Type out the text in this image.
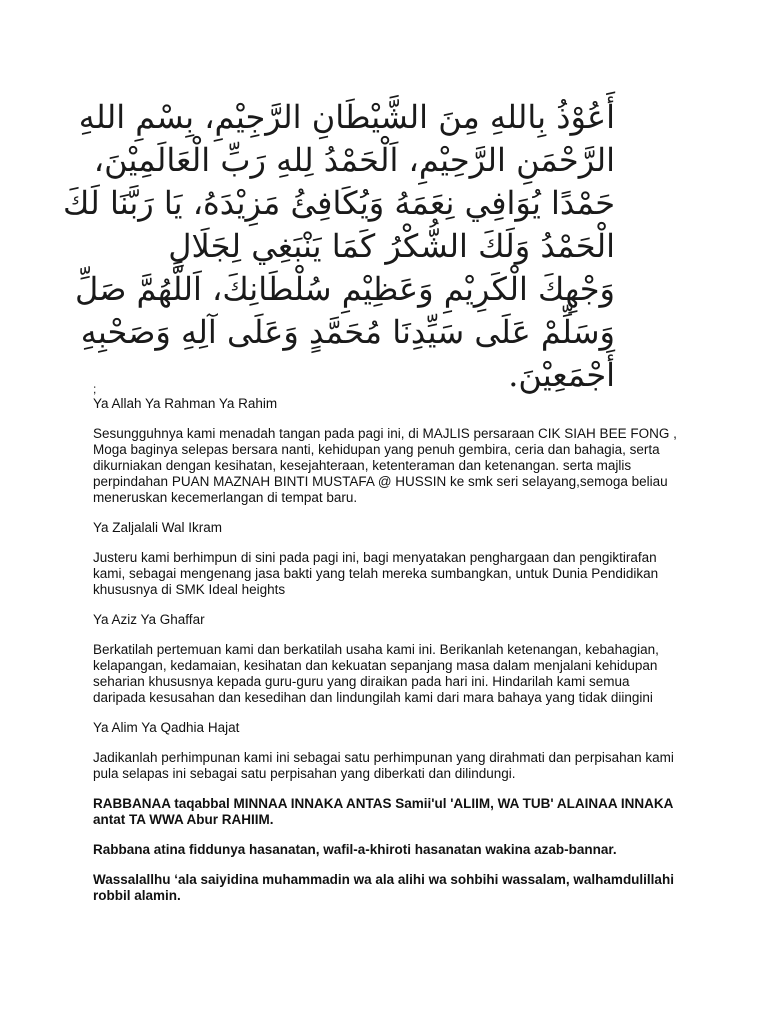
أَعُوْذُ بِاللهِ مِنَ الشَّيْطَانِ الرَّجِيْمِ، بِسْمِ اللهِ
الرَّحْمَنِ الرَّحِيْمِ، اَلْحَمْدُ لِلهِ رَبِّ الْعَالَمِيْنَ،
حَمْدًا يُوَافِي نِعَمَهُ وَيُكَافِئُ مَزِيْدَهُ، يَا رَبَّنَا لَكَ
الْحَمْدُ وَلَكَ الشُّكْرُ كَمَا يَنْبَغِي لِجَلَالِ
وَجْهِكَ الْكَرِيْمِ وَعَظِيْمِ سُلْطَانِكَ، اَللَّهُمَّ صَلِّ
وَسَلِّمْ عَلَى سَيِّدِنَا مُحَمَّدٍ وَعَلَى آلِهِ وَصَحْبِهِ
أَجْمَعِيْنَ.

;

Ya Allah Ya Rahman Ya Rahim

Sesungguhnya kami menadah tangan pada pagi ini, di MAJLIS persaraan CIK SIAH BEE FONG , Moga baginya selepas bersara nanti, kehidupan yang penuh gembira, ceria dan bahagia, serta dikurniakan dengan kesihatan, kesejahteraan, ketenteraman dan ketenangan. serta majlis perpindahan PUAN MAZNAH BINTI MUSTAFA @ HUSSIN ke smk seri selayang,semoga beliau meneruskan kecemerlangan di tempat baru.

Ya Zaljalali Wal Ikram

Justeru kami berhimpun di sini pada pagi ini, bagi menyatakan penghargaan dan pengiktirafan kami, sebagai mengenang jasa bakti yang telah mereka sumbangkan, untuk Dunia Pendidikan khususnya di SMK Ideal heights

Ya Aziz Ya Ghaffar

Berkatilah pertemuan kami dan berkatilah usaha kami ini. Berikanlah ketenangan, kebahagian, kelapangan, kedamaian, kesihatan dan kekuatan sepanjang masa dalam menjalani kehidupan seharian khususnya kepada guru-guru yang diraikan pada hari ini. Hindarilah kami semua daripada kesusahan dan kesedihan dan lindungilah kami dari mara bahaya yang tidak diingini

Ya Alim Ya Qadhia Hajat

Jadikanlah perhimpunan kami ini sebagai satu perhimpunan yang dirahmati dan perpisahan kami pula selapas ini sebagai satu perpisahan yang diberkati dan dilindungi.

RABBANAA taqabbal MINNAA INNAKA ANTAS Samii'ul 'ALIIM, WA TUB' ALAINAA INNAKA antat TA WWA Abur RAHIIM.

Rabbana atina fiddunya hasanatan, wafil-a-khiroti hasanatan wakina azab-bannar.

Wassalallhu ‘ala saiyidina muhammadin wa ala alihi wa sohbihi wassalam, walhamdulillahi robbil alamin.
